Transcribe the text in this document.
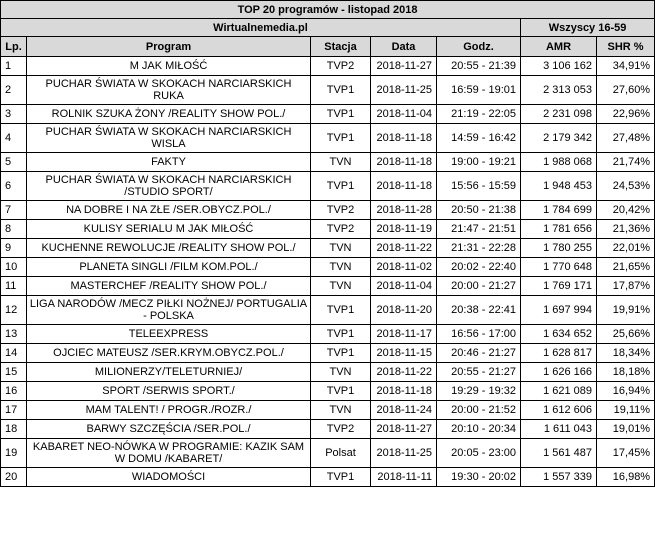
TOP 20 programów - listopad 2018						
Wirtualnemedia.pl					Wszyscy 16-59	
Lp.	Program	Stacja	Data	Godz.	AMR	SHR %
1	M JAK MIŁOŚĆ	TVP2	2018-11-27	20:55 - 21:39	3 106 162	34,91%
2	PUCHAR ŚWIATA W SKOKACH NARCIARSKICH RUKA	TVP1	2018-11-25	16:59 - 19:01	2 313 053	27,60%
3	ROLNIK SZUKA ŻONY /REALITY SHOW POL./	TVP1	2018-11-04	21:19 - 22:05	2 231 098	22,96%
4	PUCHAR ŚWIATA W SKOKACH NARCIARSKICH WISLA	TVP1	2018-11-18	14:59 - 16:42	2 179 342	27,48%
5	FAKTY	TVN	2018-11-18	19:00 - 19:21	1 988 068	21,74%
6	PUCHAR ŚWIATA W SKOKACH NARCIARSKICH /STUDIO SPORT/	TVP1	2018-11-18	15:56 - 15:59	1 948 453	24,53%
7	NA DOBRE I NA ZŁE /SER.OBYCZ.POL./	TVP2	2018-11-28	20:50 - 21:38	1 784 699	20,42%
8	KULISY SERIALU M JAK MIŁOŚĆ	TVP2	2018-11-19	21:47 - 21:51	1 781 656	21,36%
9	KUCHENNE REWOLUCJE /REALITY SHOW POL./	TVN	2018-11-22	21:31 - 22:28	1 780 255	22,01%
10	PLANETA SINGLI /FILM KOM.POL./	TVN	2018-11-02	20:02 - 22:40	1 770 648	21,65%
11	MASTERCHEF /REALITY SHOW POL./	TVN	2018-11-04	20:00 - 21:27	1 769 171	17,87%
12	LIGA NARODÓW /MECZ PIŁKI NOŻNEJ/ PORTUGALIA - POLSKA	TVP1	2018-11-20	20:38 - 22:41	1 697 994	19,91%
13	TELEEXPRESS	TVP1	2018-11-17	16:56 - 17:00	1 634 652	25,66%
14	OJCIEC MATEUSZ /SER.KRYM.OBYCZ.POL./	TVP1	2018-11-15	20:46 - 21:27	1 628 817	18,34%
15	MILIONERZY/TELETURNIEJ/	TVN	2018-11-22	20:55 - 21:27	1 626 166	18,18%
16	SPORT /SERWIS SPORT./	TVP1	2018-11-18	19:29 - 19:32	1 621 089	16,94%
17	MAM TALENT! / PROGR./ROZR./	TVN	2018-11-24	20:00 - 21:52	1 612 606	19,11%
18	BARWY SZCZĘŚCIA /SER.POL./	TVP2	2018-11-27	20:10 - 20:34	1 611 043	19,01%
19	KABARET NEO-NÓWKA W PROGRAMIE: KAZIK SAM W DOMU /KABARET/	Polsat	2018-11-25	20:05 - 23:00	1 561 487	17,45%
20	WIADOMOŚCI	TVP1	2018-11-11	19:30 - 20:02	1 557 339	16,98%
